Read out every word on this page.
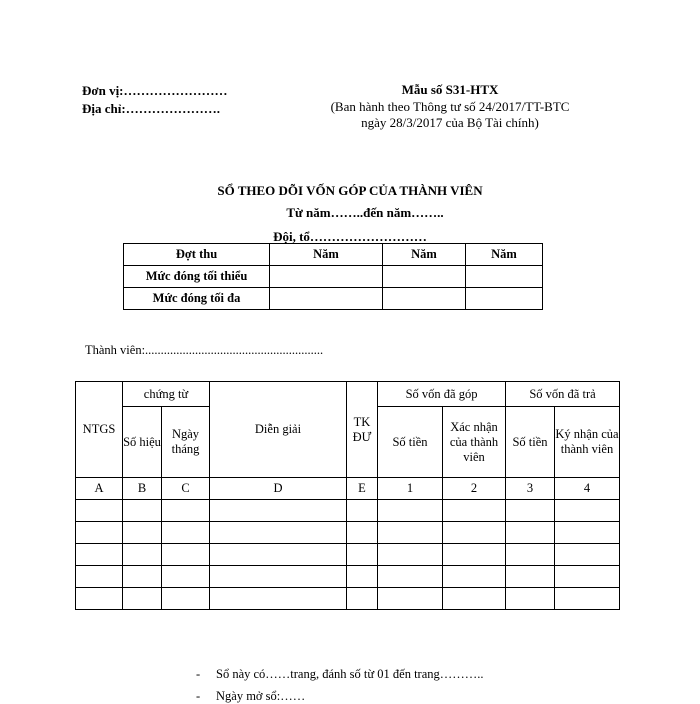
Đơn vị:……………………
Địa chỉ:………………….
Mẫu số S31-HTX
(Ban hành theo Thông tư số 24/2017/TT-BTC
ngày 28/3/2017 của Bộ Tài chính)
SỔ THEO DÕI VỐN GÓP CỦA THÀNH VIÊN
Từ năm……..đến năm……..
Đội, tổ………………………
Đợt thu	Năm	Năm	Năm
Mức đóng tối thiểu			
Mức đóng tối đa			
Thành viên:.........................................................
NTGS	chứng từ		Diễn giải	TK ĐƯ	Số vốn đã góp		Số vốn đã trả	
	Số hiệu	Ngày tháng			Số tiền	Xác nhận của thành viên	Số tiền	Ký nhận của thành viên
A	B	C	D	E	1	2	3	4

- Sổ này có……trang, đánh số từ 01 đến trang………..
- Ngày mở sổ:……
